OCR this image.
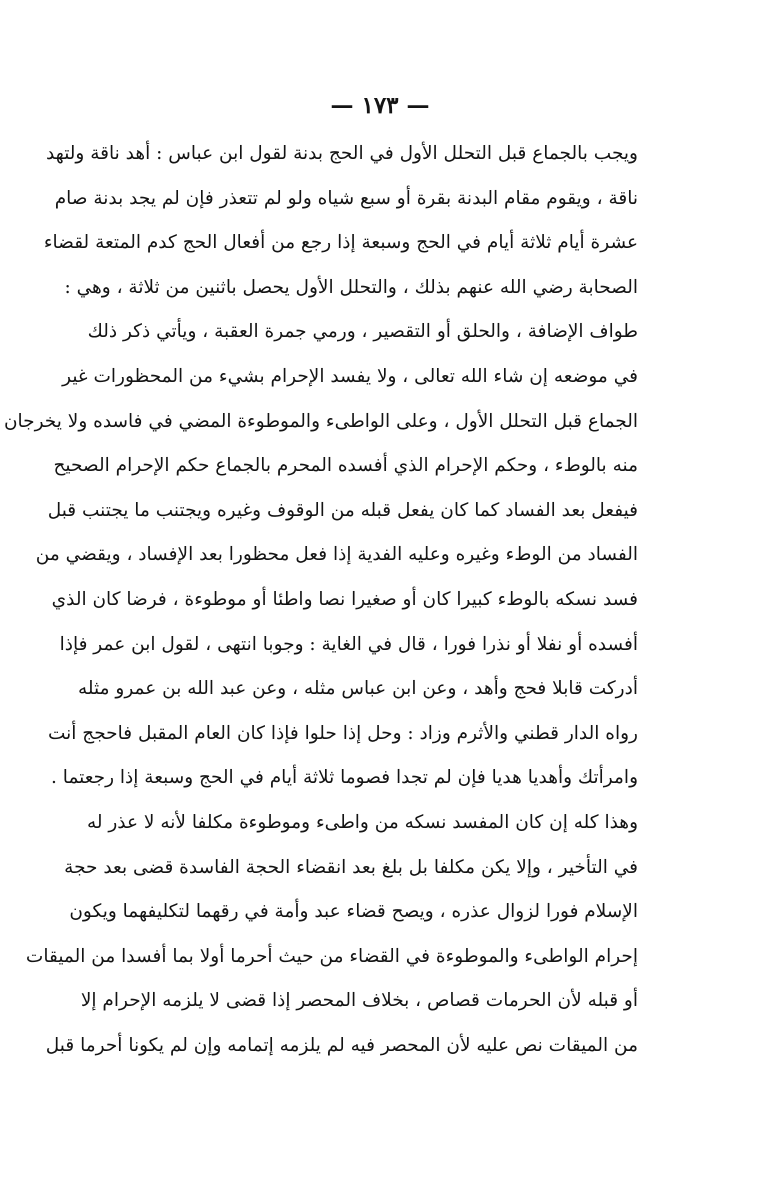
— ١٧٣ —
ويجب بالجماع قبل التحلل الأول في الحج بدنة لقول ابن عباس : أهد ناقة ولتهد
ناقة ، ويقوم مقام البدنة بقرة أو سبع شياه ولو لم تتعذر فإن لم يجد بدنة صام
عشرة أيام ثلاثة أيام في الحج وسبعة إذا رجع من أفعال الحج كدم المتعة لقضاء
الصحابة رضي الله عنهم بذلك ، والتحلل الأول يحصل باثنين من ثلاثة ، وهي :
طواف الإضافة ، والحلق أو التقصير ، ورمي جمرة العقبة ، ويأتي ذكر ذلك
في موضعه إن شاء الله تعالى ، ولا يفسد الإحرام بشيء من المحظورات غير
الجماع قبل التحلل الأول ، وعلى الواطىء والموطوءة المضي في فاسده ولا يخرجان
منه بالوطء ، وحكم الإحرام الذي أفسده المحرم بالجماع حكم الإحرام الصحيح
فيفعل بعد الفساد كما كان يفعل قبله من الوقوف وغيره ويجتنب ما يجتنب قبل
الفساد من الوطء وغيره وعليه الفدية إذا فعل محظورا بعد الإفساد ، ويقضي من
فسد نسكه بالوطء كبيرا كان أو صغيرا نصا واطئا أو موطوءة ، فرضا كان الذي
أفسده أو نفلا أو نذرا فورا ، قال في الغاية : وجوبا انتهى ، لقول ابن عمر فإذا
أدركت قابلا فحج وأهد ، وعن ابن عباس مثله ، وعن عبد الله بن عمرو مثله
رواه الدار قطني والأثرم وزاد : وحل إذا حلوا فإذا كان العام المقبل فاحجج أنت
وامرأتك وأهديا هديا فإن لم تجدا فصوما ثلاثة أيام في الحج وسبعة إذا رجعتما .
وهذا كله إن كان المفسد نسكه من واطىء وموطوءة مكلفا لأنه لا عذر له
في التأخير ، وإلا يكن مكلفا بل بلغ بعد انقضاء الحجة الفاسدة قضى بعد حجة
الإسلام فورا لزوال عذره ، ويصح قضاء عبد وأمة في رقهما لتكليفهما ويكون
إحرام الواطىء والموطوءة في القضاء من حيث أحرما أولا بما أفسدا من الميقات
أو قبله لأن الحرمات قصاص ، بخلاف المحصر إذا قضى لا يلزمه الإحرام إلا
من الميقات نص عليه لأن المحصر فيه لم يلزمه إتمامه وإن لم يكونا أحرما قبل
